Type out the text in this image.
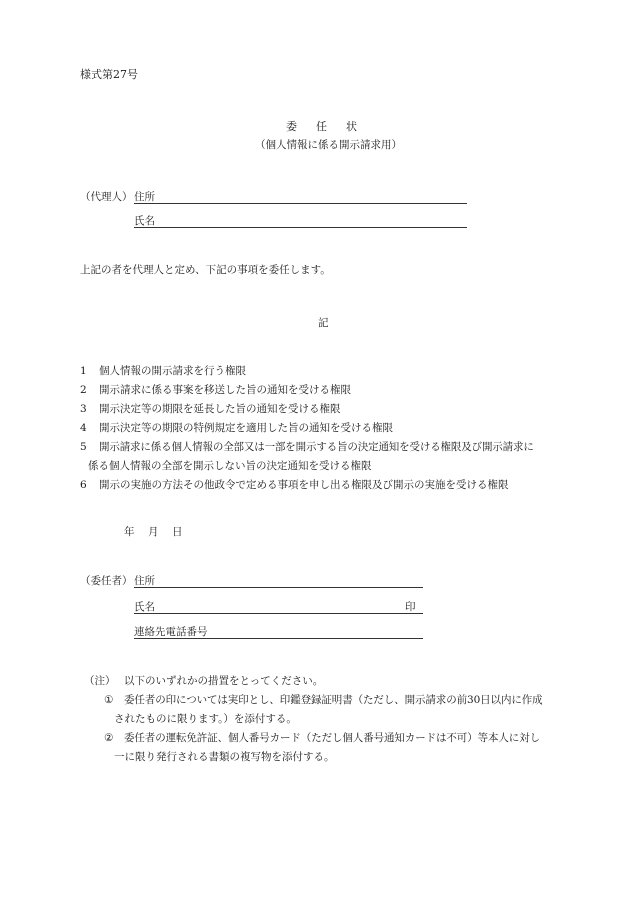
様式第27号
委 任 状
（個人情報に係る開示請求用）
（代理人） 住所
氏名
上記の者を代理人と定め、下記の事項を委任します。
記
1 個人情報の開示請求を行う権限
2 開示請求に係る事案を移送した旨の通知を受ける権限
3 開示決定等の期限を延長した旨の通知を受ける権限
4 開示決定等の期限の特例規定を適用した旨の通知を受ける権限
5 開示請求に係る個人情報の全部又は一部を開示する旨の決定通知を受ける権限及び開示請求に
係る個人情報の全部を開示しない旨の決定通知を受ける権限
6 開示の実施の方法その他政令で定める事項を申し出る権限及び開示の実施を受ける権限
年 月 日
（委任者） 住所
氏名	印
連絡先電話番号
（注） 以下のいずれかの措置をとってください。
① 委任者の印については実印とし、印鑑登録証明書（ただし、開示請求の前30日以内に作成
されたものに限ります。）を添付する。
② 委任者の運転免許証、個人番号カード（ただし個人番号通知カードは不可）等本人に対し
一に限り発行される書類の複写物を添付する。
